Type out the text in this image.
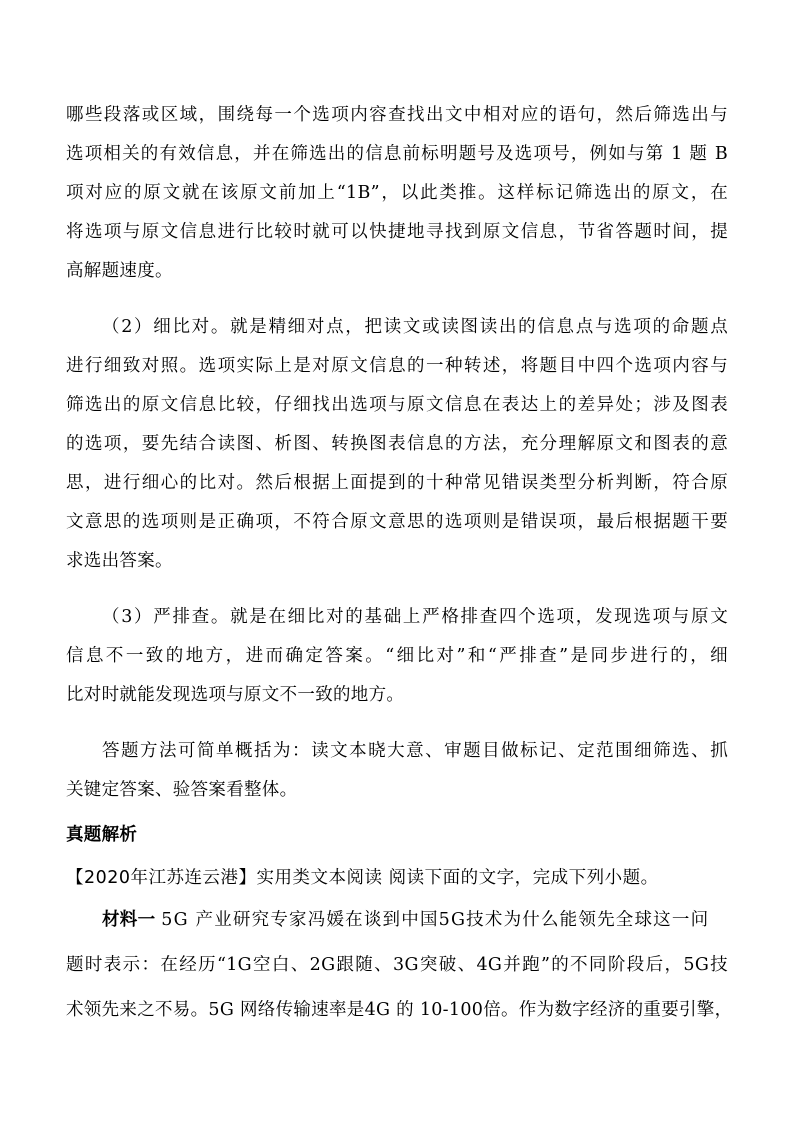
哪些段落或区域，围绕每一个选项内容查找出文中相对应的语句，然后筛选出与
选项相关的有效信息，并在筛选出的信息前标明题号及选项号，例如与第 1 题 B
项对应的原文就在该原文前加上“1B”，以此类推。这样标记筛选出的原文，在
将选项与原文信息进行比较时就可以快捷地寻找到原文信息，节省答题时间，提
高解题速度。
（2）细比对。就是精细对点，把读文或读图读出的信息点与选项的命题点
进行细致对照。选项实际上是对原文信息的一种转述，将题目中四个选项内容与
筛选出的原文信息比较，仔细找出选项与原文信息在表达上的差异处；涉及图表
的选项，要先结合读图、析图、转换图表信息的方法，充分理解原文和图表的意
思，进行细心的比对。然后根据上面提到的十种常见错误类型分析判断，符合原
文意思的选项则是正确项，不符合原文意思的选项则是错误项，最后根据题干要
求选出答案。
（3）严排查。就是在细比对的基础上严格排查四个选项，发现选项与原文
信息不一致的地方，进而确定答案。“细比对”和“严排查”是同步进行的，细
比对时就能发现选项与原文不一致的地方。
答题方法可简单概括为：读文本晓大意、审题目做标记、定范围细筛选、抓
关键定答案、验答案看整体。
真题解析
【2020年江苏连云港】实用类文本阅读 阅读下面的文字，完成下列小题。
材料一 5G 产业研究专家冯媛在谈到中国5G技术为什么能领先全球这一问
题时表示：在经历“1G空白、2G跟随、3G突破、4G并跑”的不同阶段后，5G技
术领先来之不易。5G 网络传输速率是4G 的 10-100倍。作为数字经济的重要引擎，
